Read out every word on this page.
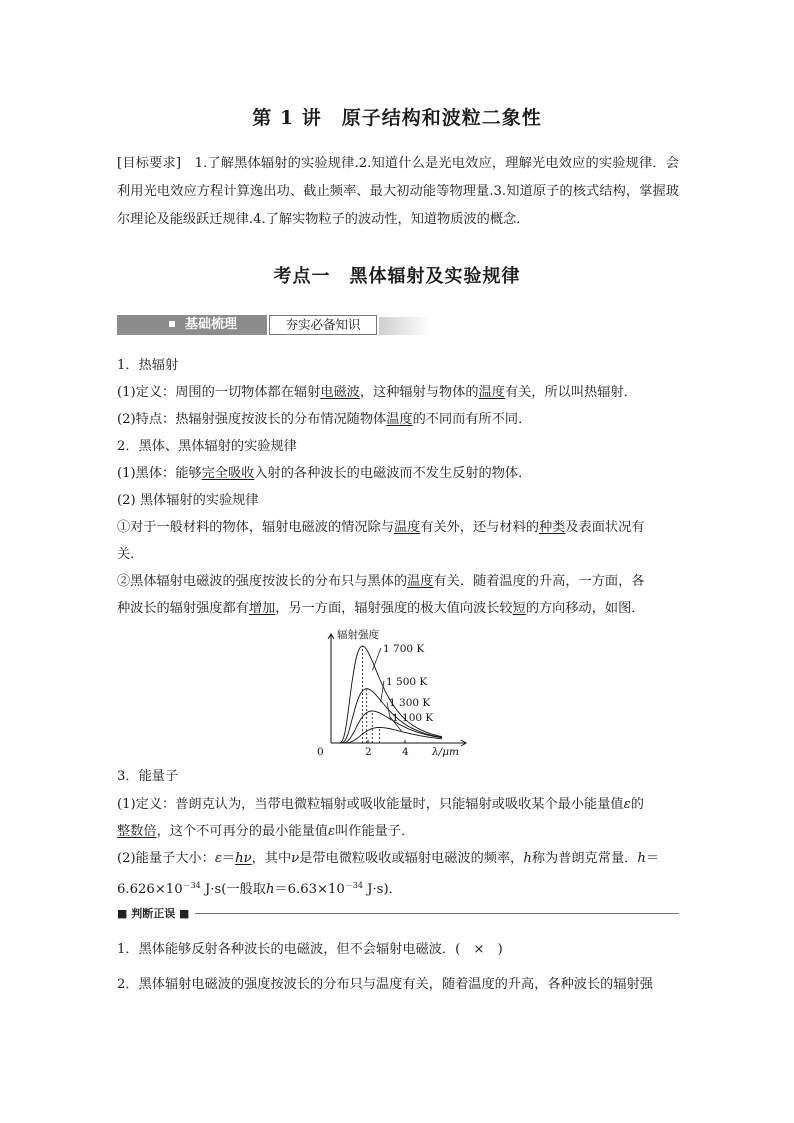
第 1 讲　原子结构和波粒二象性
[目标要求]　1.了解黑体辐射的实验规律.2.知道什么是光电效应，理解光电效应的实验规律．会利用光电效应方程计算逸出功、截止频率、最大初动能等物理量.3.知道原子的核式结构，掌握玻尔理论及能级跃迁规律.4.了解实物粒子的波动性，知道物质波的概念．
考点一　黑体辐射及实验规律
基础梳理	夯实必备知识
1．热辐射
(1)定义：周围的一切物体都在辐射电磁波，这种辐射与物体的温度有关，所以叫热辐射．
(2)特点：热辐射强度按波长的分布情况随物体温度的不同而有所不同．
2．黑体、黑体辐射的实验规律
(1)黑体：能够完全吸收入射的各种波长的电磁波而不发生反射的物体．
(2) 黑体辐射的实验规律
①对于一般材料的物体，辐射电磁波的情况除与温度有关外，还与材料的种类及表面状况有
关．
②黑体辐射电磁波的强度按波长的分布只与黑体的温度有关．随着温度的升高，一方面，各
种波长的辐射强度都有增加，另一方面，辐射强度的极大值向波长较短的方向移动，如图．
辐射强度
λ/μm
0	2	4
1 700 K
1 500 K
1 300 K
1 100 K
3．能量子
(1)定义：普朗克认为，当带电微粒辐射或吸收能量时，只能辐射或吸收某个最小能量值ε的
整数倍，这个不可再分的最小能量值ε叫作能量子．
(2)能量子大小：ε＝hν，其中ν是带电微粒吸收或辐射电磁波的频率，h称为普朗克常量．h＝
$6.626\times 10^{-34}$ J·s(一般取$h=6.63\times 10^{-34}$ J·s)．
■ 判断正误 ■
1．黑体能够反射各种波长的电磁波，但不会辐射电磁波．(　×　)
2．黑体辐射电磁波的强度按波长的分布只与温度有关，随着温度的升高，各种波长的辐射强
